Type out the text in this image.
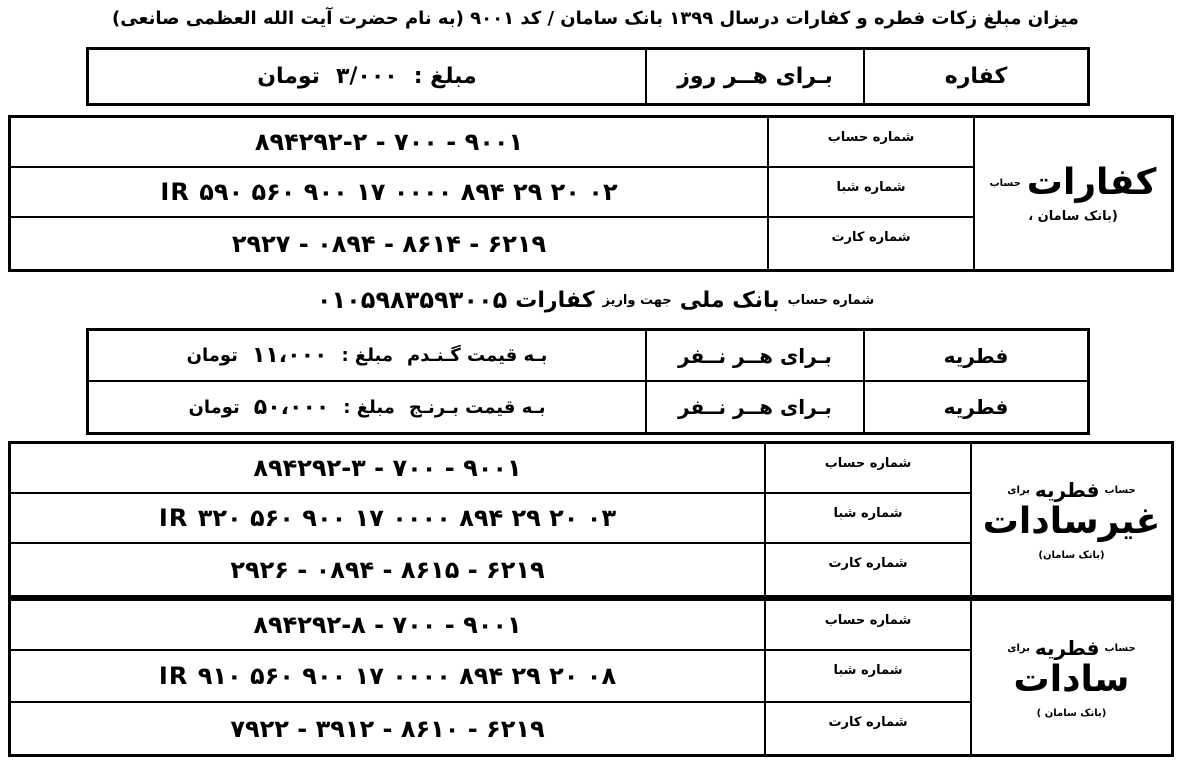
میزان مبلغ زکات فطره و کفارات درسال ۱۳۹۹ بانک سامان / کد ۹۰۰۱ (به نام حضرت آیت الله العظمی صانعی)
مبلغ :
۳/۰۰۰
تومان	بـرای هــر روز	کفاره
۹۰۰۱ - ۷۰۰ - ۸۹۴۲۹۲-۲
IR ۵۹۰ ۵۶۰ ۹۰۰ ۱۷ ۰۰۰۰ ۸۹۴ ۲۹ ۲۰ ۰۲
۶۲۱۹ - ۸۶۱۴ - ۰۸۹۴ - ۲۹۲۷
شماره حساب
شماره شبا
شماره کارت
کفارات
حساب
(بانک سامان ،
شماره حساب
بانک ملی
جهت واریز
کفارات
۰۱۰۵۹۸۳۵۹۳۰۰۵
بـه قیمت گـنـدم
مبلغ :
۱۱،۰۰۰
تومان
بـه قیمت بـرنـج
مبلغ :
۵۰،۰۰۰
تومان
بـرای هــر نــفر
بـرای هــر نــفر
فطریه
فطریه
۹۰۰۱ - ۷۰۰ - ۸۹۴۲۹۲-۳
IR ۳۲۰ ۵۶۰ ۹۰۰ ۱۷ ۰۰۰۰ ۸۹۴ ۲۹ ۲۰ ۰۳
۶۲۱۹ - ۸۶۱۵ - ۰۸۹۴ - ۲۹۲۶
شماره حساب
شماره شبا
شماره کارت
حساب
فطریه
برای
غیرسادات
(بانک سامان)
۹۰۰۱ - ۷۰۰ - ۸۹۴۲۹۲-۸
IR ۹۱۰ ۵۶۰ ۹۰۰ ۱۷ ۰۰۰۰ ۸۹۴ ۲۹ ۲۰ ۰۸
۶۲۱۹ - ۸۶۱۰ - ۳۹۱۲ - ۷۹۲۲
شماره حساب
شماره شبا
شماره کارت
حساب
فطریه
برای
سادات
(بانک سامان )
